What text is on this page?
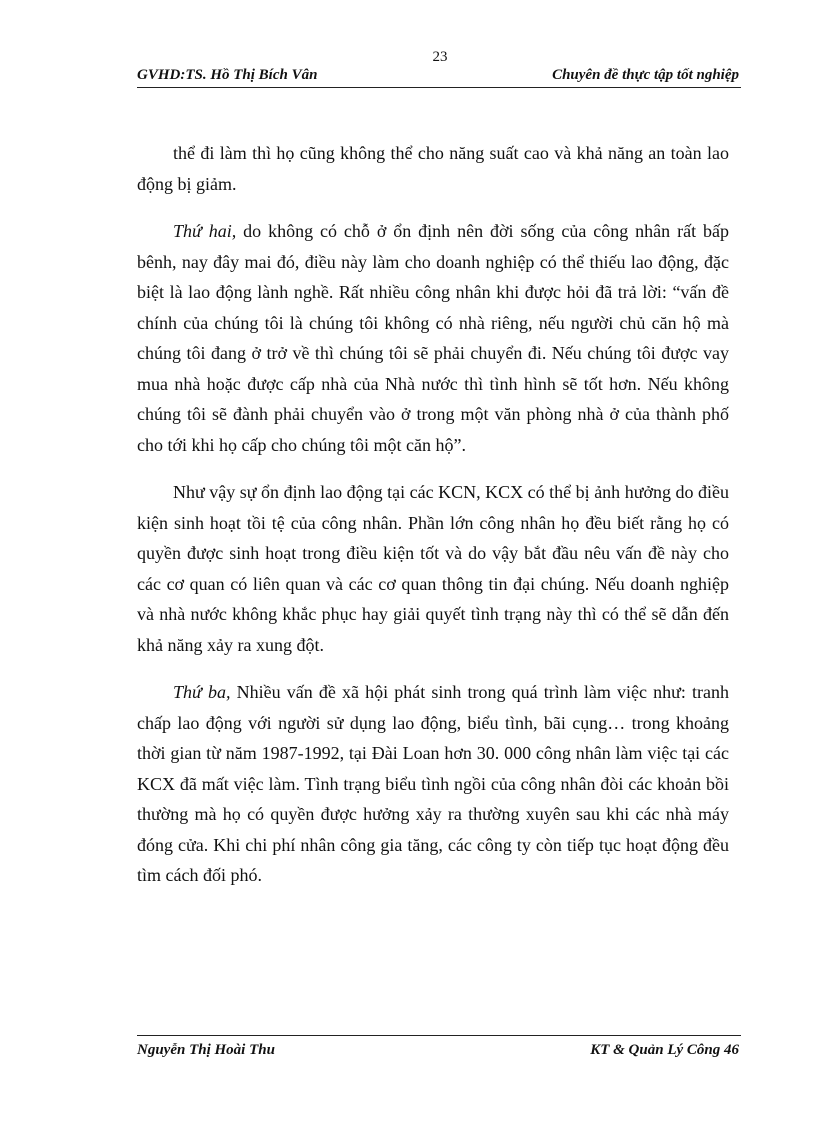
23
GVHD:TS. Hồ Thị Bích Vân	Chuyên đề thực tập tốt nghiệp

thể đi làm thì họ cũng không thể cho năng suất cao và khả năng an toàn lao động bị giảm.

Thứ hai, do không có chỗ ở ổn định nên đời sống của công nhân rất bấp bênh, nay đây mai đó, điều này làm cho doanh nghiệp có thể thiếu lao động, đặc biệt là lao động lành nghề. Rất nhiều công nhân khi được hỏi đã trả lời: “vấn đề chính của chúng tôi là chúng tôi không có nhà riêng, nếu người chủ căn hộ mà chúng tôi đang ở trở về thì chúng tôi sẽ phải chuyển đi. Nếu chúng tôi được vay mua nhà hoặc được cấp nhà của Nhà nước thì tình hình sẽ tốt hơn. Nếu không chúng tôi sẽ đành phải chuyển vào ở trong một văn phòng nhà ở của thành phố cho tới khi họ cấp cho chúng tôi một căn hộ”.

Như vậy sự ổn định lao động tại các KCN, KCX có thể bị ảnh hưởng do điều kiện sinh hoạt tồi tệ của công nhân. Phần lớn công nhân họ đều biết rằng họ có quyền được sinh hoạt trong điều kiện tốt và do vậy bắt đầu nêu vấn đề này cho các cơ quan có liên quan và các cơ quan thông tin đại chúng. Nếu doanh nghiệp và nhà nước không khắc phục hay giải quyết tình trạng này thì có thể sẽ dẫn đến khả năng xảy ra xung đột.

Thứ ba, Nhiều vấn đề xã hội phát sinh trong quá trình làm việc như: tranh chấp lao động với người sử dụng lao động, biểu tình, bãi cụng… trong khoảng thời gian từ năm 1987-1992, tại Đài Loan hơn 30. 000 công nhân làm việc tại các KCX đã mất việc làm. Tình trạng biểu tình ngồi của công nhân đòi các khoản bồi thường mà họ có quyền được hưởng xảy ra thường xuyên sau khi các nhà máy đóng cửa. Khi chi phí nhân công gia tăng, các công ty còn tiếp tục hoạt động đều tìm cách đối phó.

Nguyễn Thị Hoài Thu	KT & Quản Lý Công 46
